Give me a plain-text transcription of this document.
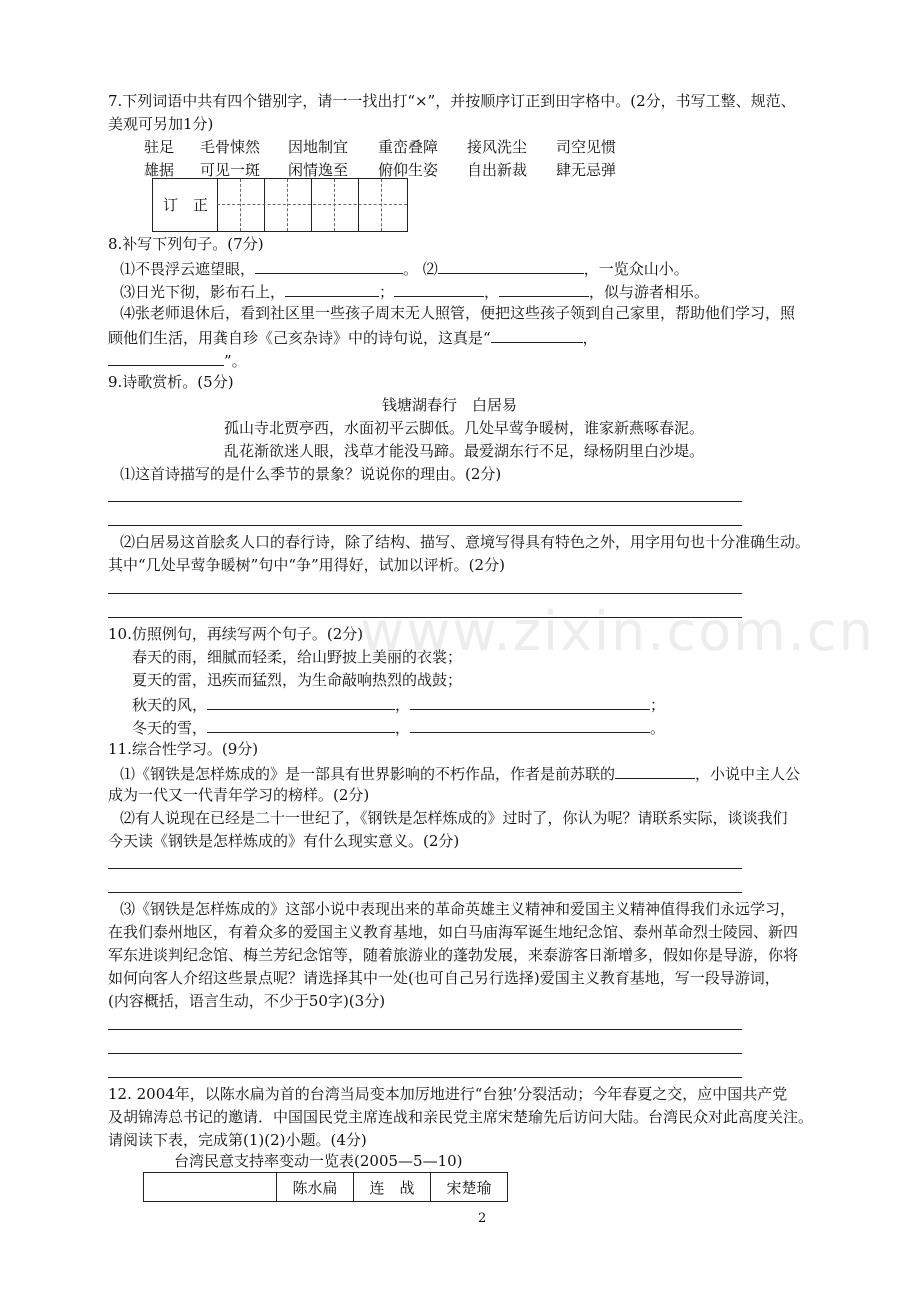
www.zixin.com.cn
7.下列词语中共有四个错别字，请一一找出打“×”，并按顺序订正到田字格中。(2分，书写工整、规范、
美观可另加1分)
驻足 毛骨悚然 因地制宜 重峦叠障 接风洗尘 司空见惯
雄据 可见一斑 闲情逸至 俯仰生姿 自出新裁 肆无忌弹
订　正
8.补写下列句子。(7分)
⑴不畏浮云遮望眼，	。 ⑵	，一览众山小。
⑶日光下彻，影布石上，	；	，	，似与游者相乐。
⑷张老师退休后，看到社区里一些孩子周末无人照管，便把这些孩子领到自己家里，帮助他们学习，照
顾他们生活，用龚自珍《己亥杂诗》中的诗句说，这真是“	，
”。
9.诗歌赏析。(5分)
钱塘湖春行　白居易
孤山寺北贾亭西，水面初平云脚低。几处早莺争暖树，谁家新燕啄春泥。
乱花渐欲迷人眼，浅草才能没马蹄。最爱湖东行不足，绿杨阴里白沙堤。
⑴这首诗描写的是什么季节的景象？说说你的理由。(2分)
⑵白居易这首脍炙人口的春行诗，除了结构、描写、意境写得具有特色之外，用字用句也十分准确生动。
其中“几处早莺争暖树”句中“争”用得好，试加以评析。(2分)
10.仿照例句，再续写两个句子。(2分)
春天的雨，细腻而轻柔，给山野披上美丽的衣裳；
夏天的雷，迅疾而猛烈，为生命敲响热烈的战鼓；
秋天的风，	，	；
冬天的雪，	，	。
11.综合性学习。(9分)
⑴《钢铁是怎样炼成的》是一部具有世界影响的不朽作品，作者是前苏联的	，小说中主人公
成为一代又一代青年学习的榜样。(2分)
⑵有人说现在已经是二十一世纪了，《钢铁是怎样炼成的》过时了，你认为呢？请联系实际，谈谈我们
今天读《钢铁是怎样炼成的》有什么现实意义。(2分)
⑶《钢铁是怎样炼成的》这部小说中表现出来的革命英雄主义精神和爱国主义精神值得我们永远学习，
在我们泰州地区，有着众多的爱国主义教育基地，如白马庙海军诞生地纪念馆、泰州革命烈士陵园、新四
军东进谈判纪念馆、梅兰芳纪念馆等，随着旅游业的蓬勃发展，来泰游客日渐增多，假如你是导游，你将
如何向客人介绍这些景点呢？请选择其中一处(也可自己另行选择)爱国主义教育基地，写一段导游词，
(内容概括，语言生动，不少于50字)(3分)
12. 2004年，以陈水扁为首的台湾当局变本加厉地进行“台独’分裂活动；今年春夏之交，应中国共产党
及胡锦涛总书记的邀请．中国国民党主席连战和亲民党主席宋楚瑜先后访问大陆。台湾民众对此高度关注。
请阅读下表，完成第(1)(2)小题。(4分)
台湾民意支持率变动一览表(2005—5—10)
	陈水扁	连　战	宋楚瑜
2
